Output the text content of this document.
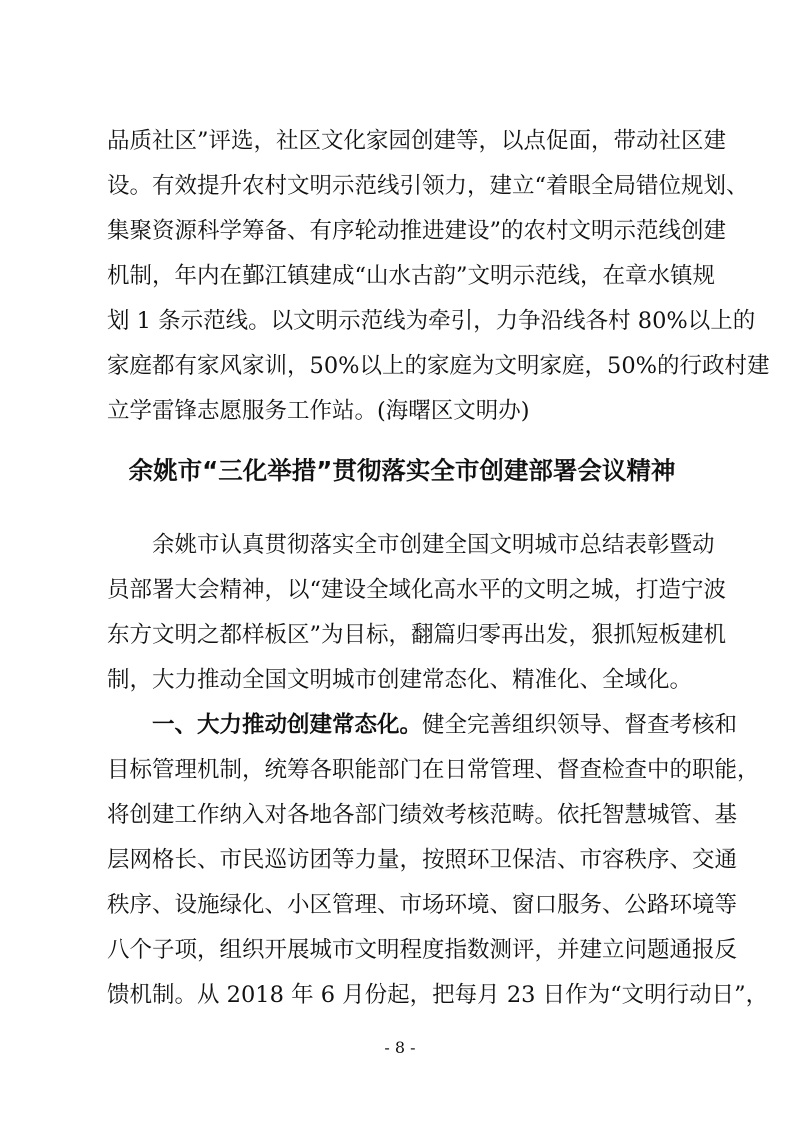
品质社区”评选，社区文化家园创建等，以点促面，带动社区建
设。有效提升农村文明示范线引领力，建立“着眼全局错位规划、
集聚资源科学筹备、有序轮动推进建设”的农村文明示范线创建
机制，年内在鄞江镇建成“山水古韵”文明示范线，在章水镇规
划 1 条示范线。以文明示范线为牵引，力争沿线各村 80%以上的
家庭都有家风家训，50%以上的家庭为文明家庭，50%的行政村建
立学雷锋志愿服务工作站。(海曙区文明办)
余姚市“三化举措”贯彻落实全市创建部署会议精神
余姚市认真贯彻落实全市创建全国文明城市总结表彰暨动
员部署大会精神，以“建设全域化高水平的文明之城，打造宁波
东方文明之都样板区”为目标，翻篇归零再出发，狠抓短板建机
制，大力推动全国文明城市创建常态化、精准化、全域化。
一、大力推动创建常态化。健全完善组织领导、督查考核和
目标管理机制，统筹各职能部门在日常管理、督查检查中的职能，
将创建工作纳入对各地各部门绩效考核范畴。依托智慧城管、基
层网格长、市民巡访团等力量，按照环卫保洁、市容秩序、交通
秩序、设施绿化、小区管理、市场环境、窗口服务、公路环境等
八个子项，组织开展城市文明程度指数测评，并建立问题通报反
馈机制。从 2018 年 6 月份起，把每月 23 日作为“文明行动日”，
- 8 -
